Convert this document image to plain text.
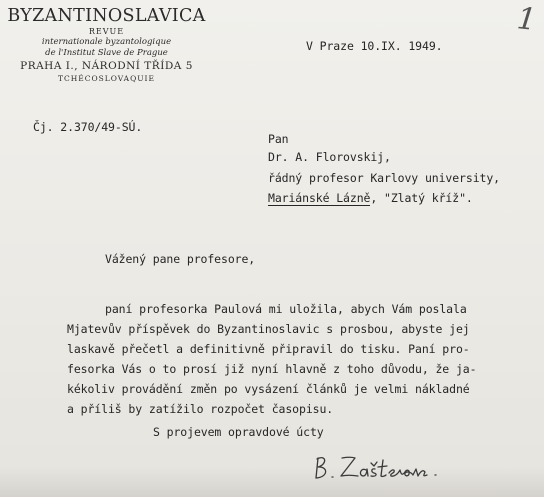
BYZANTINOSLAVICA
REVUE
internationale byzantologique
de l'Institut Slave de Prague
PRAHA I., NÁRODNÍ TŘÍDA 5
TCHÉCOSLOVAQUIE
1
V Praze 10.IX. 1949.
Čj. 2.370/49-SÚ.
Pan
Dr. A. Florovskij,
řádný profesor Karlovy university,
Mariánské Lázně, "Zlatý kříž".
Vážený pane profesore,
paní profesorka Paulová mi uložila, abych Vám poslala
Mjatevův příspěvek do Byzantinoslavic s prosbou, abyste jej
laskavě přečetl a definitivně připravil do tisku. Paní pro-
fesorka Vás o to prosí již nyní hlavně z toho důvodu, že ja-
kékoliv provádění změn po vysázení článků je velmi nákladné
a příliš by zatížilo rozpočet časopisu.
S projevem opravdové úcty
